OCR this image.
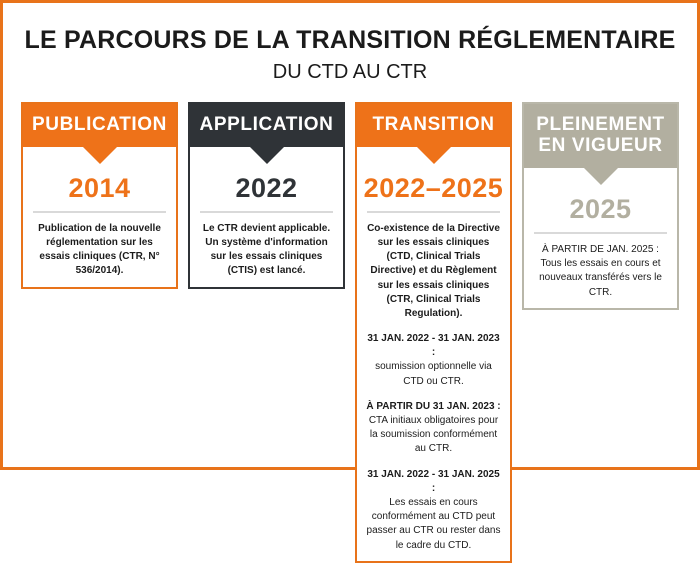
LE PARCOURS DE LA TRANSITION RÉGLEMENTAIRE
DU CTD AU CTR
PUBLICATION
2014
Publication de la nouvelle réglementation sur les essais cliniques (CTR, N° 536/2014).
APPLICATION
2022
Le CTR devient applicable. Un système d'information sur les essais cliniques (CTIS) est lancé.
TRANSITION
2022–2025
Co-existence de la Directive sur les essais cliniques (CTD, Clinical Trials Directive) et du Règlement sur les essais cliniques (CTR, Clinical Trials Regulation).
31 JAN. 2022 - 31 JAN. 2023 :
soumission optionnelle via CTD ou CTR.
À PARTIR DU 31 JAN. 2023 :
CTA initiaux obligatoires pour la soumission conformément au CTR.
31 JAN. 2022 - 31 JAN. 2025 :
Les essais en cours conformément au CTD peut passer au CTR ou rester dans le cadre du CTD.
PLEINEMENT EN VIGUEUR
2025
À PARTIR DE JAN. 2025 :
Tous les essais en cours et nouveaux transférés vers le CTR.
